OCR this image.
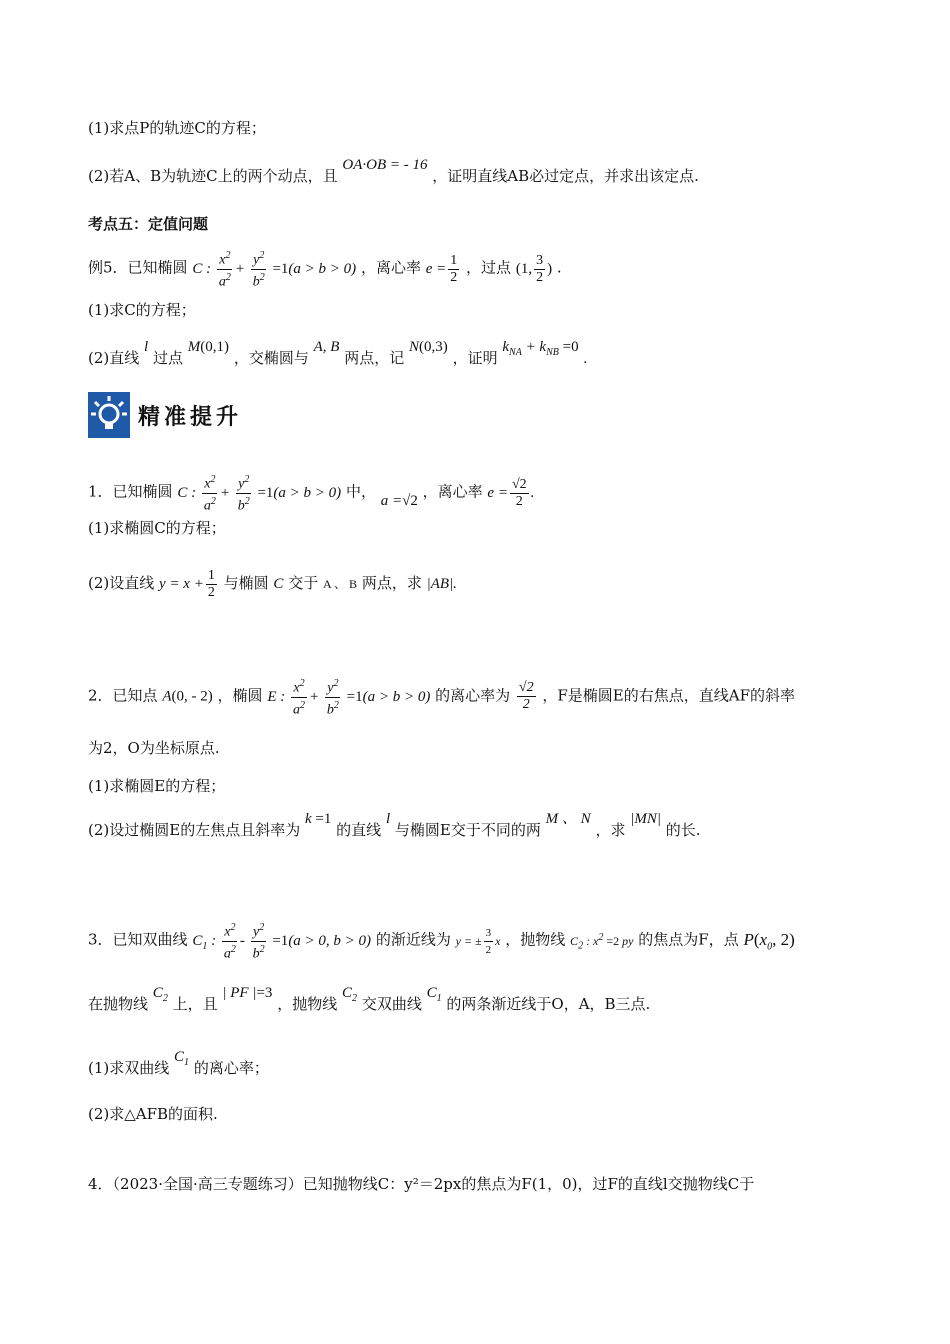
(1)求点P的轨迹C的方程；
(2)若A、B为轨迹C上的两个动点，且 OA·OB = - 16 ，证明直线AB必过定点，并求出该定点.
考点五：定值问题
例5．已知椭圆 C : $\frac{x^2}{a^2} + \frac{y^2}{b^2} =1(a > b > 0)$ ，离心率 $e = \frac{1}{2}$ ，过点 (1, $\frac{3}{2}$ ) .
(1)求C的方程；
(2)直线 l 过点 M(0,1) ，交椭圆与 A, B 两点，记 N(0,3) ，证明 $k_{NA} + k_{NB} =0$ .
精准提升
1．已知椭圆 C : $\frac{x^2}{a^2} + \frac{y^2}{b^2} =1(a > b > 0)$ 中， a =√2 ，离心率 $e = \frac{√2}{2}$ .
(1)求椭圆C的方程；
(2)设直线 $y = x + \frac{1}{2}$ 与椭圆 C 交于 A 、 B 两点，求 |AB|.
2．已知点 A(0, - 2) ，椭圆 E : $\frac{x^2}{a^2} + \frac{y^2}{b^2} =1(a > b > 0)$ 的离心率为 $\frac{√2}{2}$ ，F是椭圆E的右焦点，直线AF的斜率
为2，O为坐标原点.
(1)求椭圆E的方程；
(2)设过椭圆E的左焦点且斜率为 k =1 的直线 l 与椭圆E交于不同的两 M 、 N ，求 |MN| 的长.
3．已知双曲线 $C_1$ : $\frac{x^2}{a^2} - \frac{y^2}{b^2} =1(a > 0$, b > 0) 的渐近线为 y = ± $\frac{3}{2}$ x ，抛物线 $C_2$ : $x^2 =2$ py 的焦点为F，点 $P(x_0$, 2)
在抛物线 $C_2$ 上，且 | PF |=3 ，抛物线 $C_2$ 交双曲线 $C_1$ 的两条渐近线于O，A，B三点.
(1)求双曲线 $C_1$ 的离心率；
(2)求△AFB的面积.
4．（2023·全国·高三专题练习）已知抛物线C：y²＝2px的焦点为F(1，0)，过F的直线l交抛物线C于
